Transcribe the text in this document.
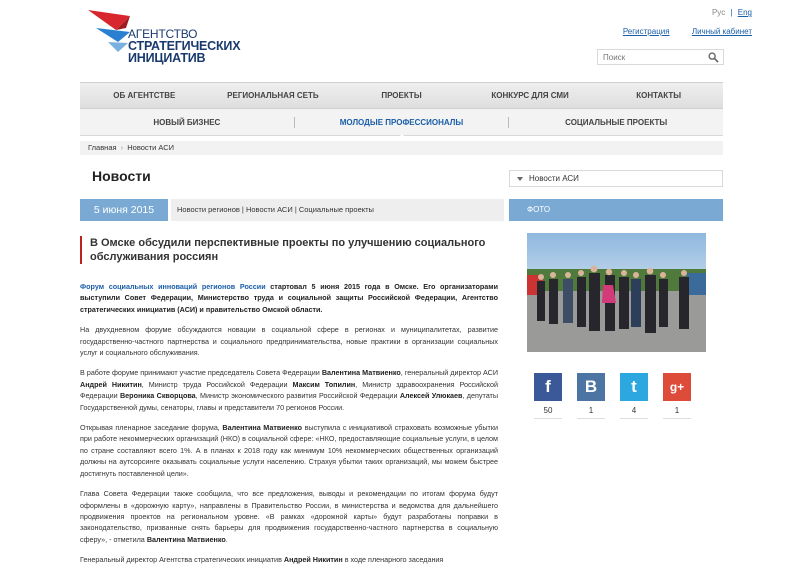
АГЕНТСТВО
СТРАТЕГИЧЕСКИХ
ИНИЦИАТИВ
Рус | Eng
Регистрация	Личный кабинет
Поиск
ОБ АГЕНТСТВЕ	РЕГИОНАЛЬНАЯ СЕТЬ	ПРОЕКТЫ	КОНКУРС ДЛЯ СМИ	КОНТАКТЫ
НОВЫЙ БИЗНЕС	МОЛОДЫЕ ПРОФЕССИОНАЛЫ	СОЦИАЛЬНЫЕ ПРОЕКТЫ
Главная › Новости АСИ
Новости	Новости АСИ
5 июня 2015	Новости регионов | Новости АСИ | Социальные проекты	ФОТО
В Омске обсудили перспективные проекты по улучшению социального обслуживания россиян

Форум социальных инноваций регионов России стартовал 5 июня 2015 года в Омске. Его организаторами выступили Совет Федерации, Министерство труда и социальной защиты Российской Федерации, Агентство стратегических инициатив (АСИ) и правительство Омской области.

На двухдневном форуме обсуждаются новации в социальной сфере в регионах и муниципалитетах, развитие государственно-частного партнерства и социального предпринимательства, новые практики в организации социальных услуг и социального обслуживания.

В работе форуме принимают участие председатель Совета Федерации Валентина Матвиенко, генеральный директор АСИ Андрей Никитин, Министр труда Российской Федерации Максим Топилин, Министр здравоохранения Российской Федерации Вероника Скворцова, Министр экономического развития Российской Федерации Алексей Улюкаев, депутаты Государственной думы, сенаторы, главы и представители 70 регионов России.

Открывая пленарное заседание форума, Валентина Матвиенко выступила с инициативой страховать возможные убытки при работе некоммерческих организаций (НКО) в социальной сфере: «НКО, предоставляющие социальные услуги, в целом по стране составляют всего 1%. А в планах к 2018 году как минимум 10% некоммерческих общественных организаций должны на аутсорсинге оказывать социальные услуги населению. Страхуя убытки таких организаций, мы можем быстрее достигнуть поставленной цели».

Глава Совета Федерации также сообщила, что все предложения, выводы и рекомендации по итогам форума будут оформлены в «дорожную карту», направлены в Правительство России, в министерства и ведомства для дальнейшего продвижения проектов на региональном уровне. «В рамках «дорожной карты» будут разработаны поправки в законодательство, призванные снять барьеры для продвижения государственно-частного партнерства в социальную сферу», - отметила Валентина Матвиенко.

Генеральный директор Агентства стратегических инициатив Андрей Никитин в ходе пленарного заседания

f B t	g+
50	1	4	1
